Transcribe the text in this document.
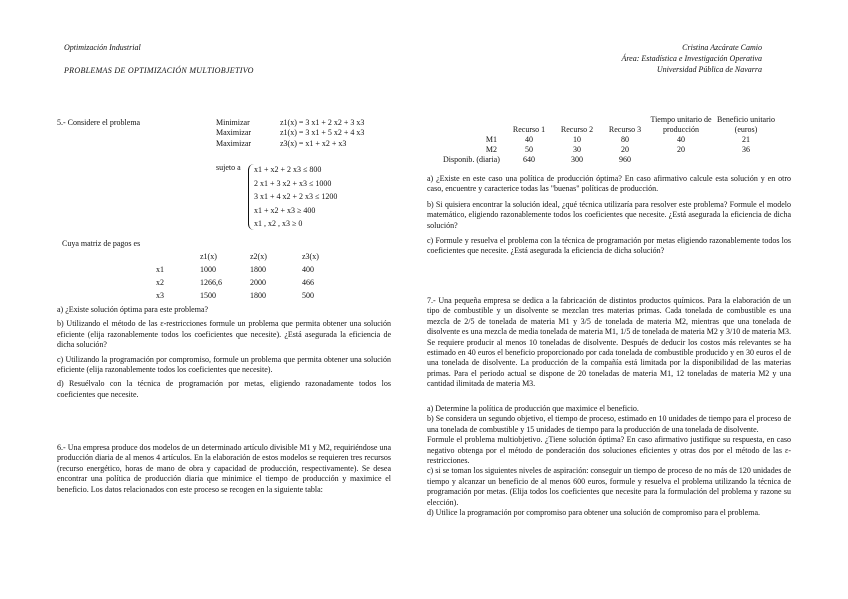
Optimización Industrial
PROBLEMAS DE OPTIMIZACIÓN MULTIOBJETIVO
Cristina Azcárate Camio
Área: Estadística e Investigación Operativa
Universidad Pública de Navarra
5.- Considere el problema	Minimizar	z1(x) = 3 x1 + 2 x2 + 3 x3
Maximizar	z1(x) = 3 x1 + 5 x2 + 4 x3
Maximizar	z3(x) = x1 + x2 + x3
sujeto a x1 + x2 + 2 x3 ≤ 800
2 x1 + 3 x2 + x3 ≤ 1000
3 x1 + 4 x2 + 2 x3 ≤ 1200
x1 + x2 + x3 ≥ 400
x1 , x2 , x3 ≥ 0
Cuya matriz de pagos es
	z1(x)	z2(x)	z3(x)
x1	1000	1800	400
x2	1266,6	2000	466
x3	1500	1800	500

a) ¿Existe solución óptima para este problema?

b) Utilizando el método de las ε-restricciones formule un problema que permita obtener una solución eficiente (elija razonablemente todos los coeficientes que necesite). ¿Está asegurada la eficiencia de dicha solución?

c) Utilizando la programación por compromiso, formule un problema que permita obtener una solución eficiente (elija razonablemente todos los coeficientes que necesite).

d) Resuélvalo con la técnica de programación por metas, eligiendo razonadamente todos los coeficientes que necesite.

6.- Una empresa produce dos modelos de un determinado artículo divisible M1 y M2, requiriéndose una producción diaria de al menos 4 artículos. En la elaboración de estos modelos se requieren tres recursos (recurso energético, horas de mano de obra y capacidad de producción, respectivamente). Se desea encontrar una política de producción diaria que minimice el tiempo de producción y maximice el beneficio. Los datos relacionados con este proceso se recogen en la siguiente tabla:
	Recurso 1	Recurso 2	Recurso 3	Tiempo unitario de producción	Beneficio unitario (euros)
M1	40	10	80	40	21
M2	50	30	20	20	36
Disponib. (diaria)	640	300	960		

a) ¿Existe en este caso una política de producción óptima? En caso afirmativo calcule esta solución y en otro caso, encuentre y caracterice todas las "buenas" políticas de producción.

b) Si quisiera encontrar la solución ideal, ¿qué técnica utilizaría para resolver este problema? Formule el modelo matemático, eligiendo razonablemente todos los coeficientes que necesite. ¿Está asegurada la eficiencia de dicha solución?

c) Formule y resuelva el problema con la técnica de programación por metas eligiendo razonablemente todos los coeficientes que necesite. ¿Está asegurada la eficiencia de dicha solución?

7.- Una pequeña empresa se dedica a la fabricación de distintos productos químicos. Para la elaboración de un tipo de combustible y un disolvente se mezclan tres materias primas. Cada tonelada de combustible es una mezcla de 2/5 de tonelada de materia M1 y 3/5 de tonelada de materia M2, mientras que una tonelada de disolvente es una mezcla de media tonelada de materia M1, 1/5 de tonelada de materia M2 y 3/10 de materia M3. Se requiere producir al menos 10 toneladas de disolvente. Después de deducir los costos más relevantes se ha estimado en 40 euros el beneficio proporcionado por cada tonelada de combustible producido y en 30 euros el de una tonelada de disolvente. La producción de la compañía está limitada por la disponibilidad de las materias primas. Para el periodo actual se dispone de 20 toneladas de materia M1, 12 toneladas de materia M2 y una cantidad ilimitada de materia M3.

a) Determine la política de producción que maximice el beneficio.

b) Se considera un segundo objetivo, el tiempo de proceso, estimado en 10 unidades de tiempo para el proceso de una tonelada de combustible y 15 unidades de tiempo para la producción de una tonelada de disolvente.

Formule el problema multiobjetivo. ¿Tiene solución óptima? En caso afirmativo justifique su respuesta, en caso negativo obtenga por el método de ponderación dos soluciones eficientes y otras dos por el método de las ε-restricciones.

c) si se toman los siguientes niveles de aspiración: conseguir un tiempo de proceso de no más de 120 unidades de tiempo y alcanzar un beneficio de al menos 600 euros, formule y resuelva el problema utilizando la técnica de programación por metas. (Elija todos los coeficientes que necesite para la formulación del problema y razone su elección).

d) Utilice la programación por compromiso para obtener una solución de compromiso para el problema.
